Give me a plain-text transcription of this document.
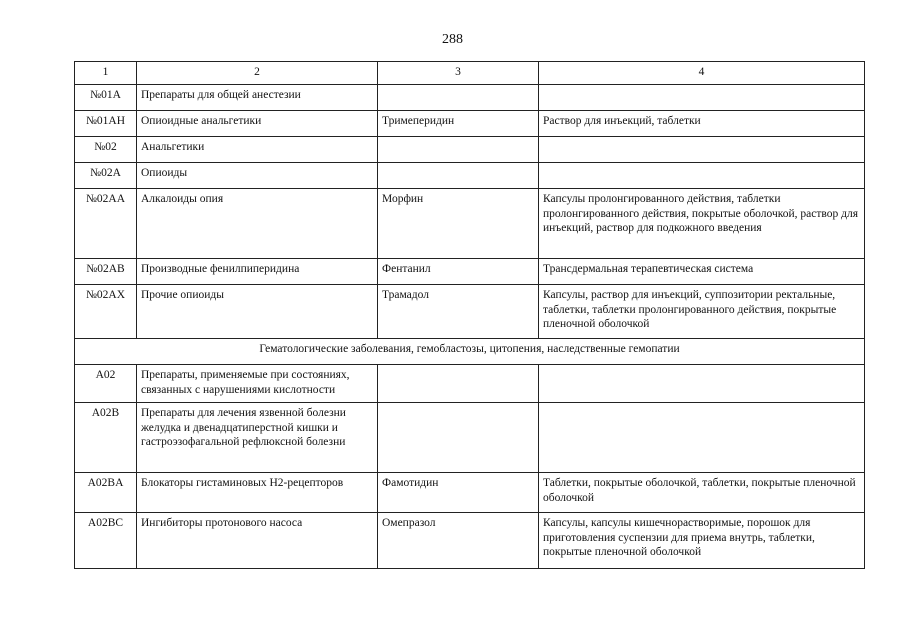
288
1	2	3	4
№01A	Препараты для общей анестезии		
№01AH	Опиоидные анальгетики	Тримеперидин	Раствор для инъекций, таблетки
№02	Анальгетики		
№02A	Опиоиды		
№02AA	Алкалоиды опия	Морфин	Капсулы пролонгированного действия, таблетки пролонгированного действия, покрытые оболочкой, раствор для инъекций, раствор для подкожного введения
№02AB	Производные фенилпиперидина	Фентанил	Трансдермальная терапевтическая система
№02AX	Прочие опиоиды	Трамадол	Капсулы, раствор для инъекций, суппозитории ректальные, таблетки, таблетки пролонгированного действия, покрытые пленочной оболочкой
Гематологические заболевания, гемобластозы, цитопения, наследственные гемопатии			
A02	Препараты, применяемые при состояниях, связанных с нарушениями кислотности		
A02B	Препараты для лечения язвенной болезни желудка и двенадцатиперстной кишки и гастроэзофагальной рефлюксной болезни		
A02BA	Блокаторы гистаминовых H2-рецепторов	Фамотидин	Таблетки, покрытые оболочкой, таблетки, покрытые пленочной оболочкой
A02BC	Ингибиторы протонового насоса	Омепразол	Капсулы, капсулы кишечнорастворимые, порошок для приготовления суспензии для приема внутрь, таблетки, покрытые пленочной оболочкой
